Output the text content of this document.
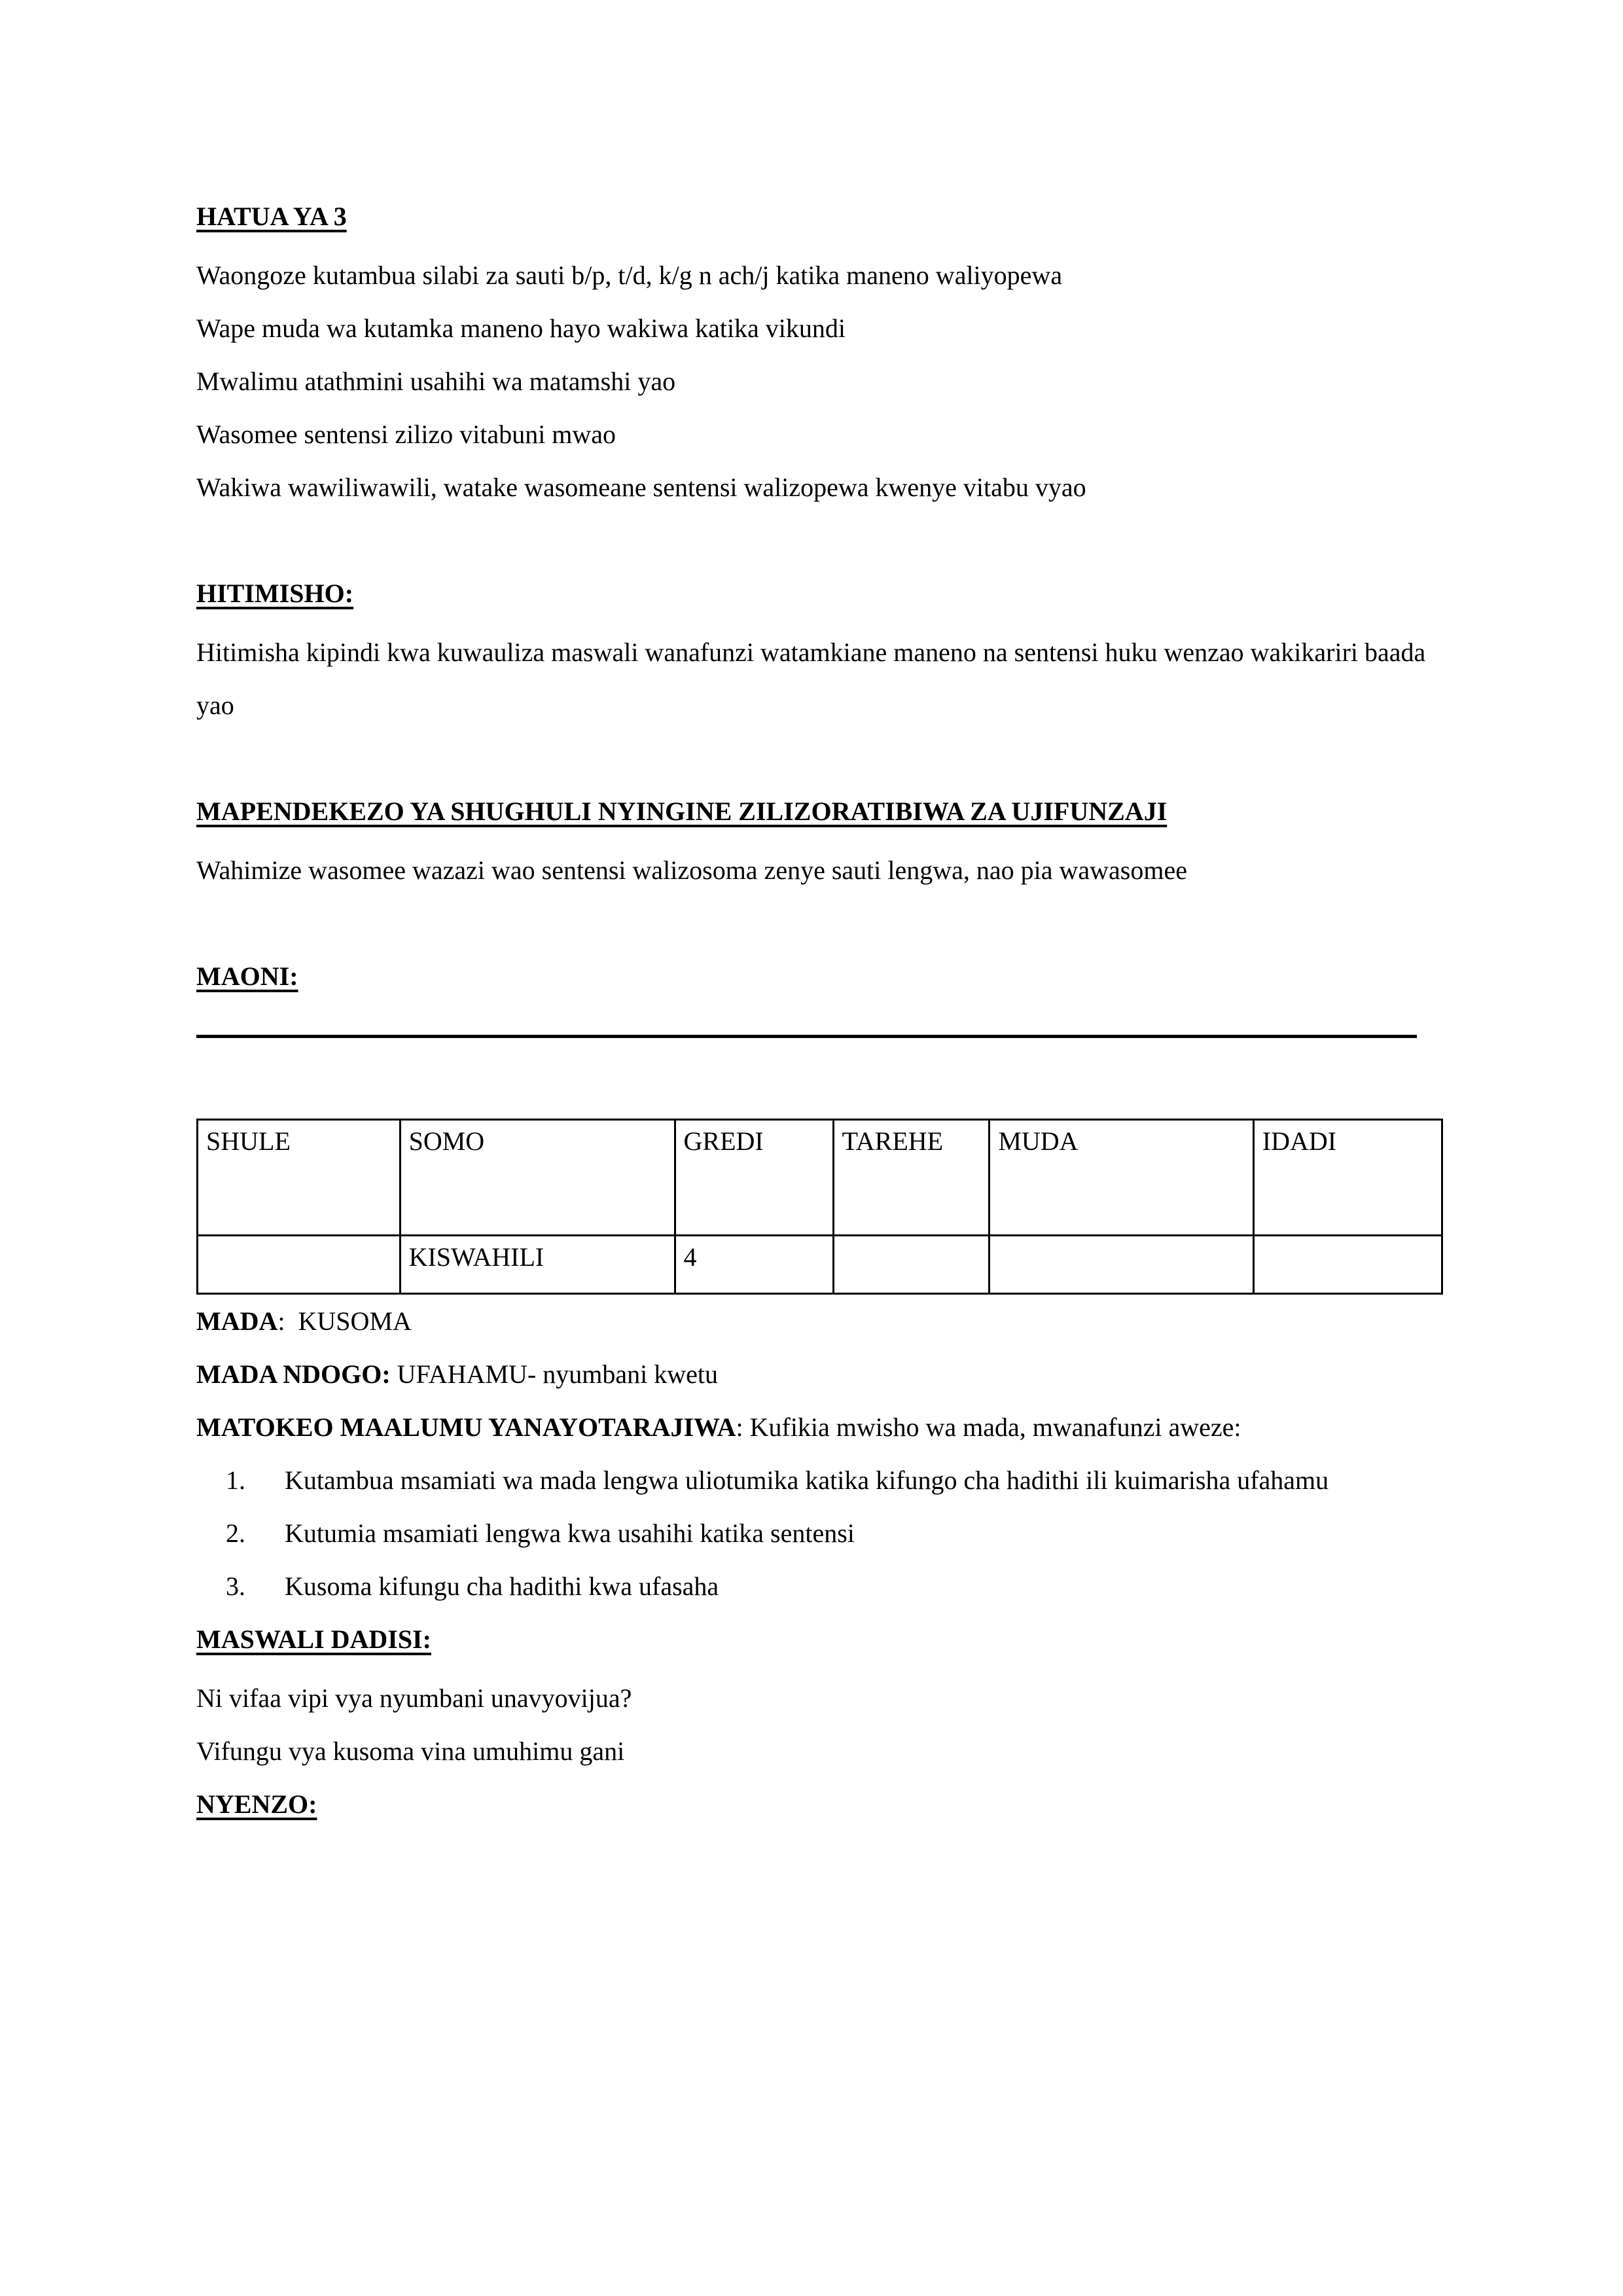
HATUA YA 3
Waongoze kutambua silabi za sauti b/p, t/d, k/g n ach/j katika maneno waliyopewa
Wape muda wa kutamka maneno hayo wakiwa katika vikundi
Mwalimu atathmini usahihi wa matamshi yao
Wasomee sentensi zilizo vitabuni mwao
Wakiwa wawiliwawili, watake wasomeane sentensi walizopewa kwenye vitabu vyao
HITIMISHO:
Hitimisha kipindi kwa kuwauliza maswali wanafunzi watamkiane maneno na sentensi huku wenzao wakikariri baada yao
MAPENDEKEZO YA SHUGHULI NYINGINE ZILIZORATIBIWA ZA UJIFUNZAJI
Wahimize wasomee wazazi wao sentensi walizosoma zenye sauti lengwa, nao pia wawasomee
MAONI:
SHULE	SOMO	GREDI	TAREHE	MUDA	IDADI
	KISWAHILI	4			
MADA:  KUSOMA
MADA NDOGO: UFAHAMU- nyumbani kwetu
MATOKEO MAALUMU YANAYOTARAJIWA: Kufikia mwisho wa mada, mwanafunzi aweze:
Kutambua msamiati wa mada lengwa uliotumika katika kifungo cha hadithi ili kuimarisha ufahamu
Kutumia msamiati lengwa kwa usahihi katika sentensi
Kusoma kifungu cha hadithi kwa ufasaha
MASWALI DADISI:
Ni vifaa vipi vya nyumbani unavyovijua?
Vifungu vya kusoma vina umuhimu gani
NYENZO:
